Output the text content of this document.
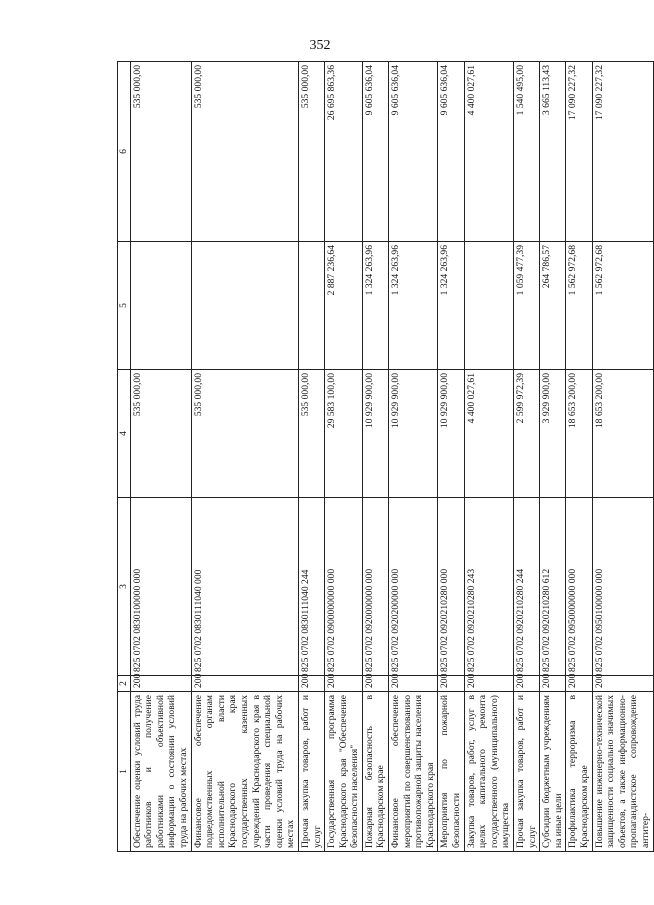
352
1	2	3	4	5	6
Обеспечение оценки условий труда работников и получение работниками объективной информации о состоянии условий труда на рабочих местах	200	825 0702 0830100000 000	535 000,00		535 000,00
Финансовое обеспечение подведомственных органам исполнительной власти Краснодарского края государственных казенных учреждений Краснодарского края в части проведения специальной оценки условий труда на рабочих местах	200	825 0702 0830111040 000	535 000,00		535 000,00
Прочая закупка товаров, работ и услуг	200	825 0702 0830111040 244	535 000,00		535 000,00
Государственная программа Краснодарского края "Обеспечение безопасности населения"	200	825 0702 0900000000 000	29 583 100,00	2 887 236,64	26 695 863,36
Пожарная безопасность в Краснодарском крае	200	825 0702 0920000000 000	10 929 900,00	1 324 263,96	9 605 636,04
Финансовое обеспечение мероприятий по совершенствованию противопожарной защиты населения Краснодарского края	200	825 0702 0920200000 000	10 929 900,00	1 324 263,96	9 605 636,04
Мероприятия по пожарной безопасности	200	825 0702 0920210280 000	10 929 900,00	1 324 263,96	9 605 636,04
Закупка товаров, работ, услуг в целях капитального ремонта государственного (муниципального) имущества	200	825 0702 0920210280 243	4 400 027,61		4 400 027,61
Прочая закупка товаров, работ и услуг	200	825 0702 0920210280 244	2 599 972,39	1 059 477,39	1 540 495,00
Субсидии бюджетным учреждениям на иные цели	200	825 0702 0920210280 612	3 929 900,00	264 786,57	3 665 113,43
Профилактика терроризма в Краснодарском крае	200	825 0702 0950000000 000	18 653 200,00	1 562 972,68	17 090 227,32
Повышение инженерно-технической защищенности социально значимых объектов, а также информационно-пропагандистское сопровождение антитер-	200	825 0702 0950100000 000	18 653 200,00	1 562 972,68	17 090 227,32
